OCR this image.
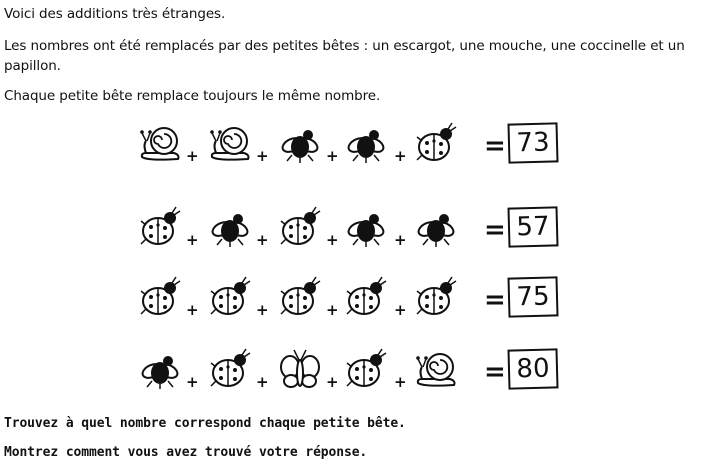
Voici des additions très étranges.

Les nombres ont été remplacés par des petites bêtes : un escargot, une mouche, une coccinelle et un papillon.

Chaque petite bête remplace toujours le même nombre.

+	+	+	+	= 73
+	+	+	+	= 57
+	+	+	+	= 75
+	+	+	+	= 80

Trouvez à quel nombre correspond chaque petite bête.

Montrez comment vous avez trouvé votre réponse.
